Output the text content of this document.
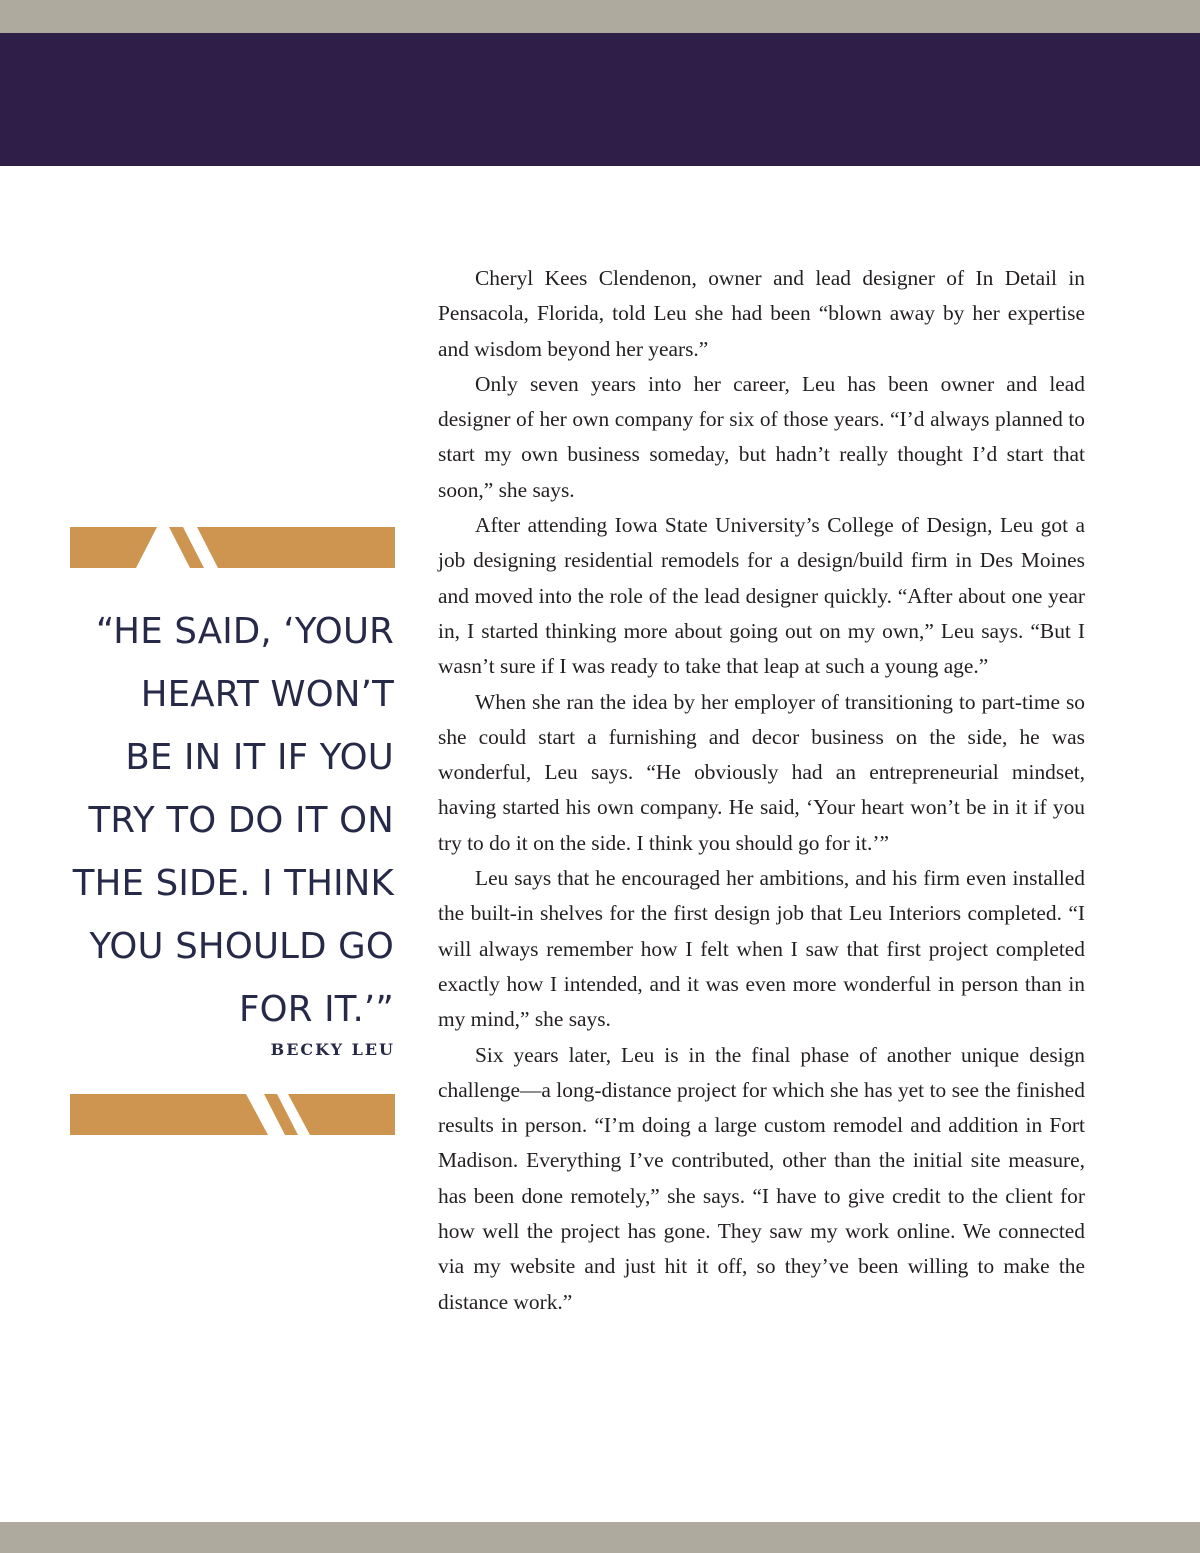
“HE SAID, ‘YOUR
HEART WON’T
BE IN IT IF YOU
TRY TO DO IT ON
THE SIDE. I THINK
YOU SHOULD GO
FOR IT.’”
BECKY LEU

Cheryl Kees Clendenon, owner and lead designer of In Detail in Pensacola, Florida, told Leu she had been “blown away by her expertise and wisdom beyond her years.”

Only seven years into her career, Leu has been owner and lead designer of her own company for six of those years. “I’d always planned to start my own business someday, but hadn’t really thought I’d start that soon,” she says.

After attending Iowa State University’s College of Design, Leu got a job designing residential remodels for a design/build firm in Des Moines and moved into the role of the lead designer quickly. “After about one year in, I started thinking more about going out on my own,” Leu says. “But I wasn’t sure if I was ready to take that leap at such a young age.”

When she ran the idea by her employer of transitioning to part-time so she could start a furnishing and decor business on the side, he was wonderful, Leu says. “He obviously had an entrepreneurial mindset, having started his own company. He said, ‘Your heart won’t be in it if you try to do it on the side. I think you should go for it.’”

Leu says that he encouraged her ambitions, and his firm even installed the built-in shelves for the first design job that Leu Interiors completed. “I will always remember how I felt when I saw that first project completed exactly how I intended, and it was even more wonderful in person than in my mind,” she says.

Six years later, Leu is in the final phase of another unique design challenge—a long-distance project for which she has yet to see the finished results in person. “I’m doing a large custom remodel and addition in Fort Madison. Everything I’ve contributed, other than the initial site measure, has been done remotely,” she says. “I have to give credit to the client for how well the project has gone. They saw my work online. We connected via my website and just hit it off, so they’ve been willing to make the distance work.”
